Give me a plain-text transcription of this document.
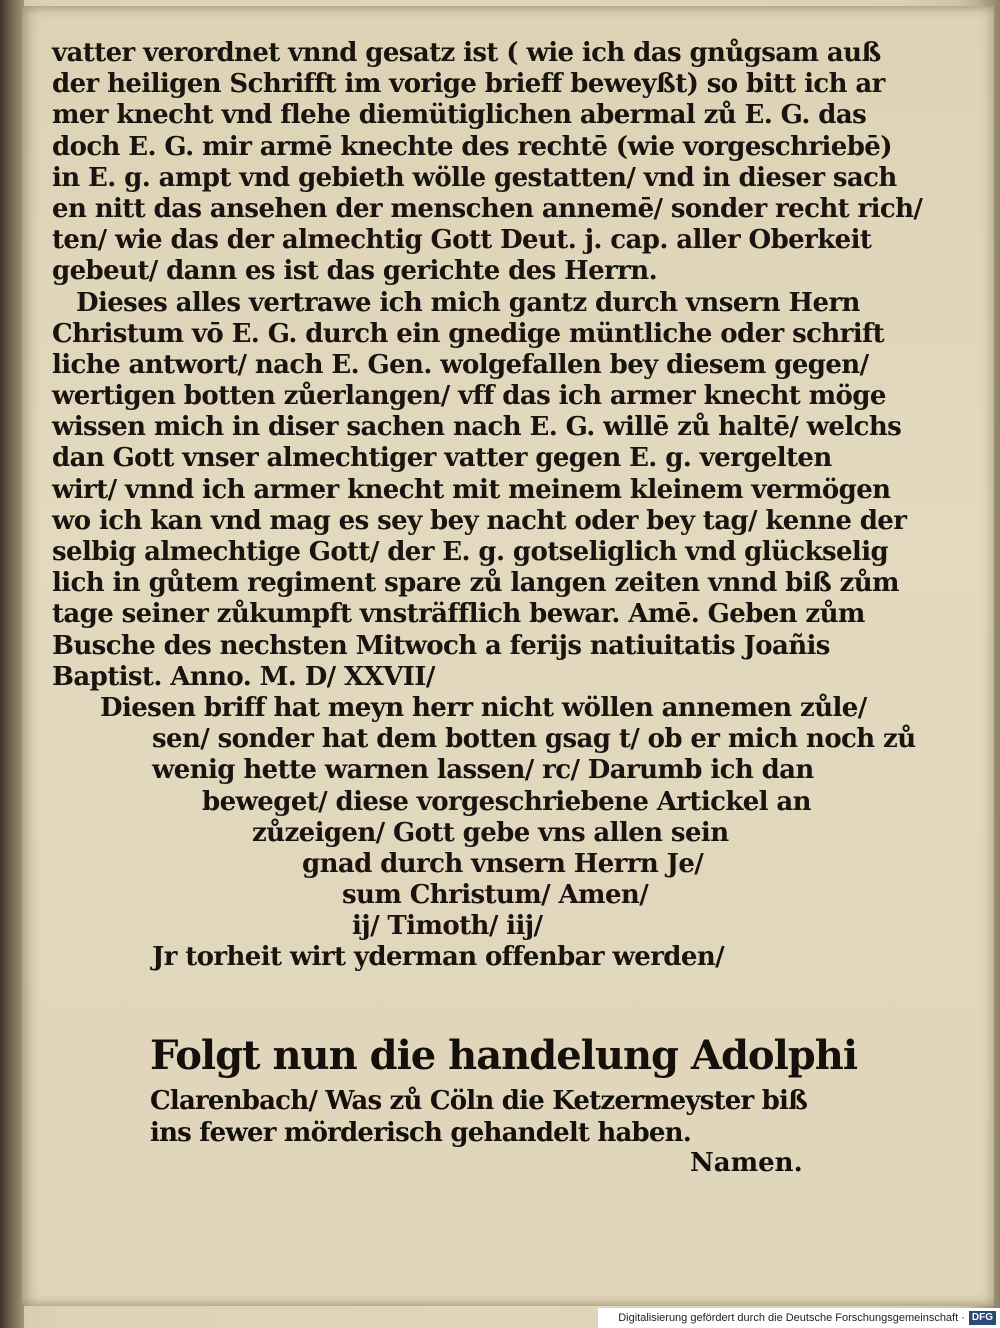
vatter verordnet vnnd gesatz ist ( wie ich das gnůgsam auß
der heiligen Schrifft im vorige brieff beweyßt) so bitt ich ar
mer knecht vnd flehe diemütiglichen abermal zů E. G. das
doch E. G. mir armē knechte des rechtē (wie vorgeschriebē)
in E. g. ampt vnd gebieth wölle gestatten/ vnd in dieser sach
en nitt das ansehen der menschen annemē/ sonder recht rich/
ten/ wie das der almechtig Gott Deut. j. cap. aller Oberkeit
gebeut/ dann es ist das gerichte des Herrn.
Dieses alles vertrawe ich mich gantz durch vnsern Hern
Christum vō E. G. durch ein gnedige müntliche oder schrift
liche antwort/ nach E. Gen. wolgefallen bey diesem gegen/
wertigen botten zůerlangen/ vff das ich armer knecht möge
wissen mich in diser sachen nach E. G. willē zů haltē/ welchs
dan Gott vnser almechtiger vatter gegen E. g. vergelten
wirt/ vnnd ich armer knecht mit meinem kleinem vermögen
wo ich kan vnd mag es sey bey nacht oder bey tag/ kenne der
selbig almechtige Gott/ der E. g. gotseliglich vnd glückselig
lich in gůtem regiment spare zů langen zeiten vnnd biß zům
tage seiner zůkumpft vnsträfflich bewar. Amē. Geben zům
Busche des nechsten Mitwoch a ferijs natiuitatis Joañis
Baptist. Anno. M. D/ XXVII/
Diesen briff hat meyn herr nicht wöllen annemen zůle/
sen/ sonder hat dem botten gsag t/ ob er mich noch zů
wenig hette warnen lassen/ rc/ Darumb ich dan
beweget/ diese vorgeschriebene Artickel an
zůzeigen/ Gott gebe vns allen sein
gnad durch vnsern Herrn Je/
sum Christum/ Amen/
ij/ Timoth/ iij/
Jr torheit wirt yderman offenbar werden/
Folgt nun die handelung Adolphi
Clarenbach/ Was zů Cöln die Ketzermeyster biß
ins fewer mörderisch gehandelt haben.
Namen.
Digitalisierung gefördert durch die Deutsche Forschungsgemeinschaft · DFG
